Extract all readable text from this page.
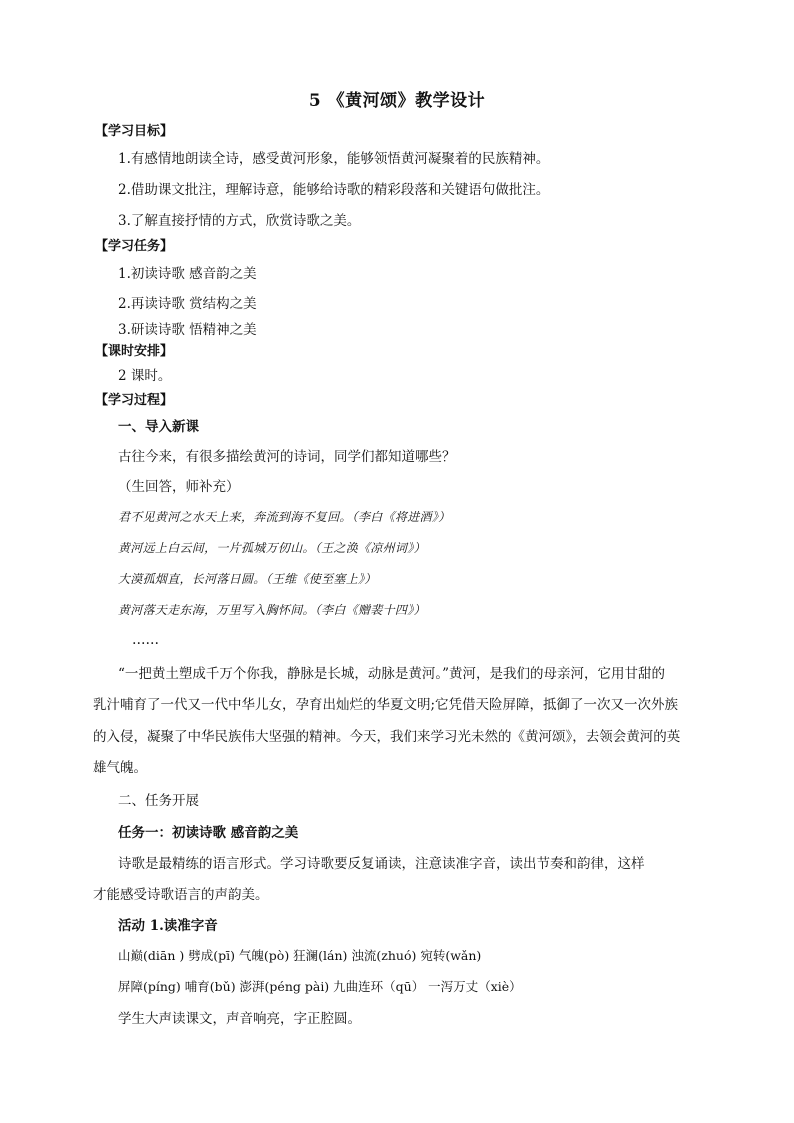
5 《黄河颂》教学设计
【学习目标】
1.有感情地朗读全诗，感受黄河形象，能够领悟黄河凝聚着的民族精神。
2.借助课文批注，理解诗意，能够给诗歌的精彩段落和关键语句做批注。
3.了解直接抒情的方式，欣赏诗歌之美。
【学习任务】
1.初读诗歌 感音韵之美
2.再读诗歌 赏结构之美
3.研读诗歌 悟精神之美
【课时安排】
2 课时。
【学习过程】
一、导入新课
古往今来，有很多描绘黄河的诗词，同学们都知道哪些？
（生回答，师补充）
君不见黄河之水天上来，奔流到海不复回。（李白《将进酒》）
黄河远上白云间，一片孤城万仞山。（王之涣《凉州词》）
大漠孤烟直，长河落日圆。（王维《使至塞上》）
黄河落天走东海，万里写入胸怀间。（李白《赠裴十四》）
……
“一把黄土塑成千万个你我，静脉是长城，动脉是黄河。”黄河，是我们的母亲河，它用甘甜的
乳汁哺育了一代又一代中华儿女，孕育出灿烂的华夏文明;它凭借天险屏障，抵御了一次又一次外族
的入侵，凝聚了中华民族伟大坚强的精神。今天，我们来学习光未然的《黄河颂》，去领会黄河的英
雄气魄。
二、任务开展
任务一：初读诗歌 感音韵之美
诗歌是最精练的语言形式。学习诗歌要反复诵读，注意读准字音，读出节奏和韵律，这样
才能感受诗歌语言的声韵美。
活动 1.读准字音
山巅(diān ) 劈成(pī) 气魄(pò) 狂澜(lán) 浊流(zhuó) 宛转(wǎn)
屏障(píng) 哺育(bǔ) 澎湃(péng pài) 九曲连环（qū） 一泻万丈（xiè）
学生大声读课文，声音响亮，字正腔圆。
